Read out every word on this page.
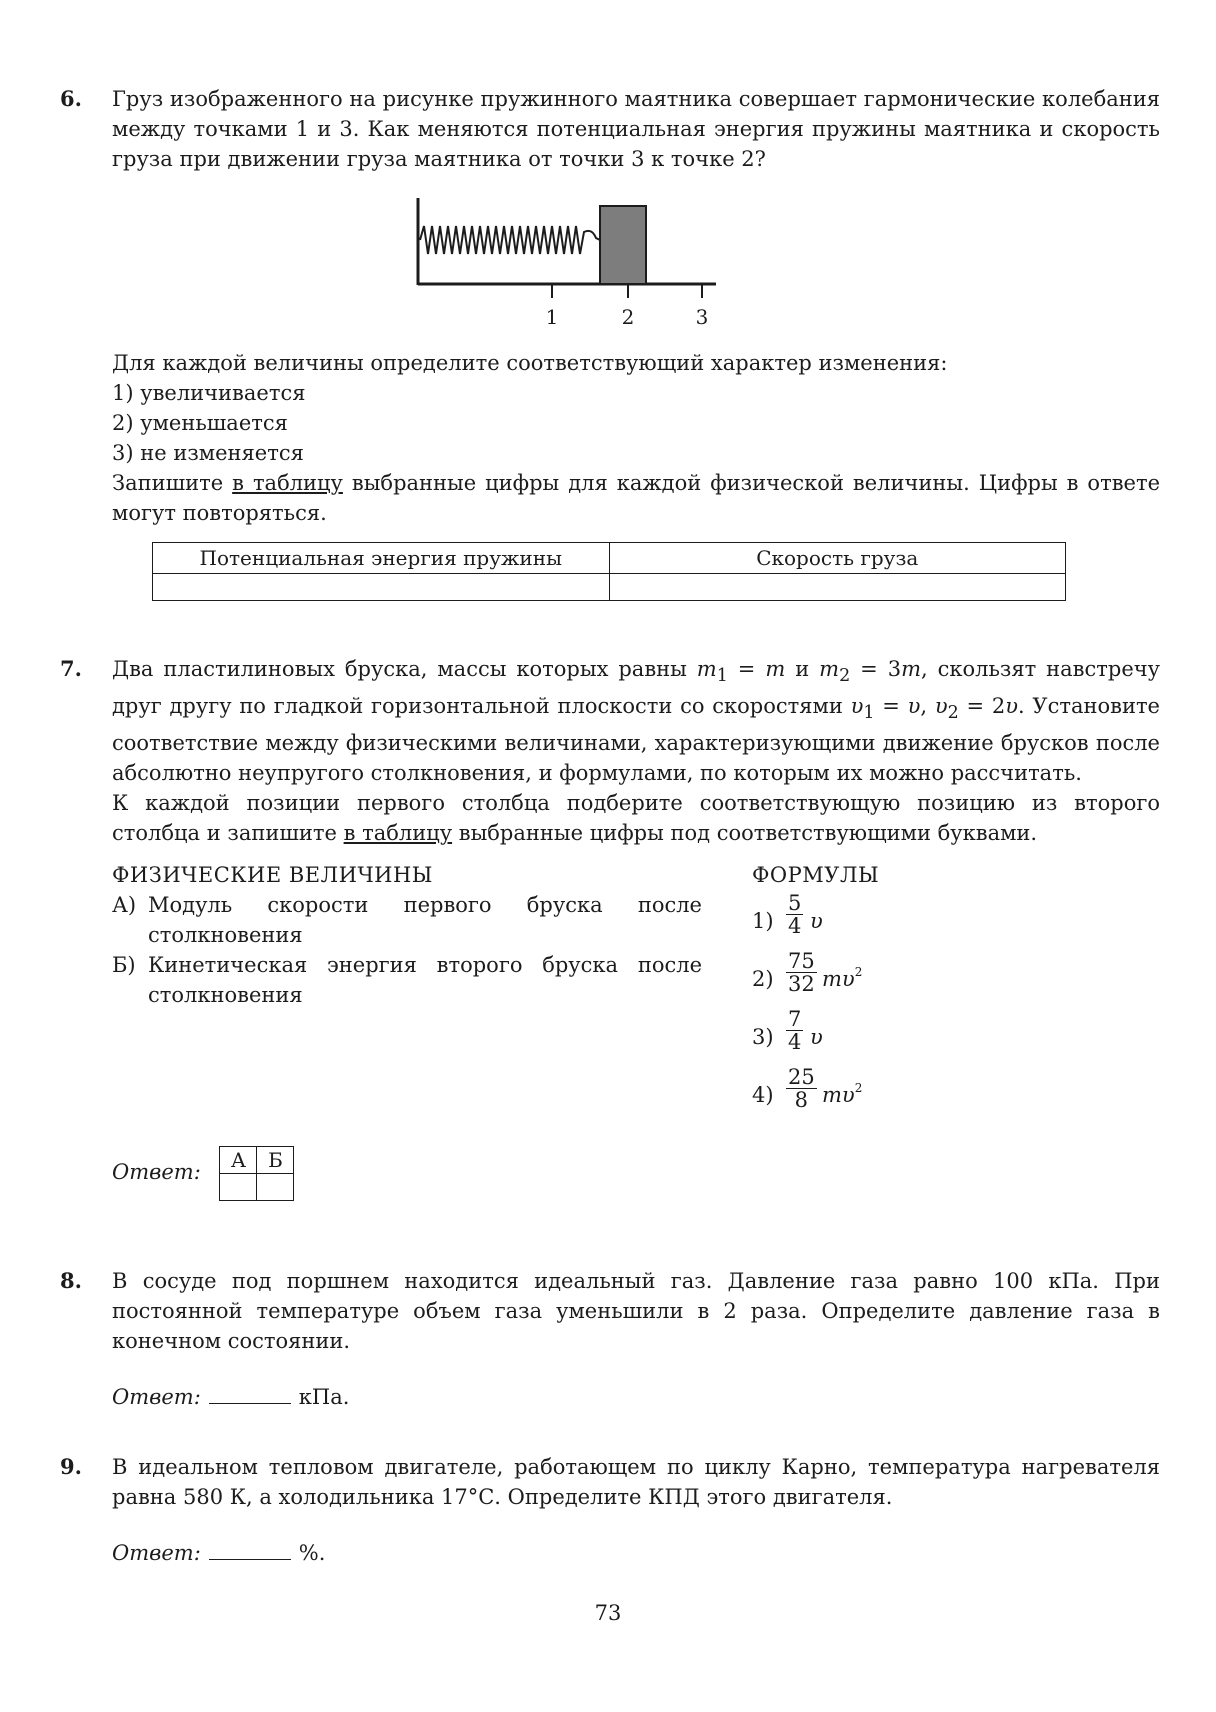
6. Груз изображенного на рисунке пружинного маятника совершает гармонические колебания между точками 1 и 3. Как меняются потенциальная энергия пружины маятника и скорость груза при движении груза маятника от точки 3 к точке 2?

1	2	3

Для каждой величины определите соответствующий характер изменения:

1) увеличивается

2) уменьшается

3) не изменяется

Запишите в таблицу выбранные цифры для каждой физической величины. Цифры в ответе могут повторяться.

Потенциальная энергия пружины	Скорость груза

7. Два пластилиновых бруска, массы которых равны $m_1 = m$ и $m_2 = 3m$, скользят навстречу друг другу по гладкой горизонтальной плоскости со скоростями $\upsilon_1 = \upsilon$, $\upsilon_2 = 2\upsilon$. Установите соответствие между физическими величинами, характеризующими движение брусков после абсолютно неупругого столкновения, и формулами, по которым их можно рассчитать.

К каждой позиции первого столбца подберите соответствующую позицию из второго столбца и запишите в таблицу выбранные цифры под соответствующими буквами.

ФИЗИЧЕСКИЕ ВЕЛИЧИНЫ
А) Модуль скорости первого бруска после столкновения
Б) Кинетическая энергия второго бруска после столкновения
ФОРМУЛЫ
$1) \frac{5}{4}$ υ
$2) \frac{75}{32} m\upsilon^2$
$3) \frac{7}{4}$ υ
$4) \frac{25}{8} m\upsilon^2$
Ответ: А	Б

8. В сосуде под поршнем находится идеальный газ. Давление газа равно 100 кПа. При постоянной температуре объем газа уменьшили в 2 раза. Определите давление газа в конечном состоянии.

Ответ:	кПа.

9. В идеальном тепловом двигателе, работающем по циклу Карно, температура нагревателя равна 580 К, а холодильника 17°С. Определите КПД этого двигателя.

Ответ:	%.

73
